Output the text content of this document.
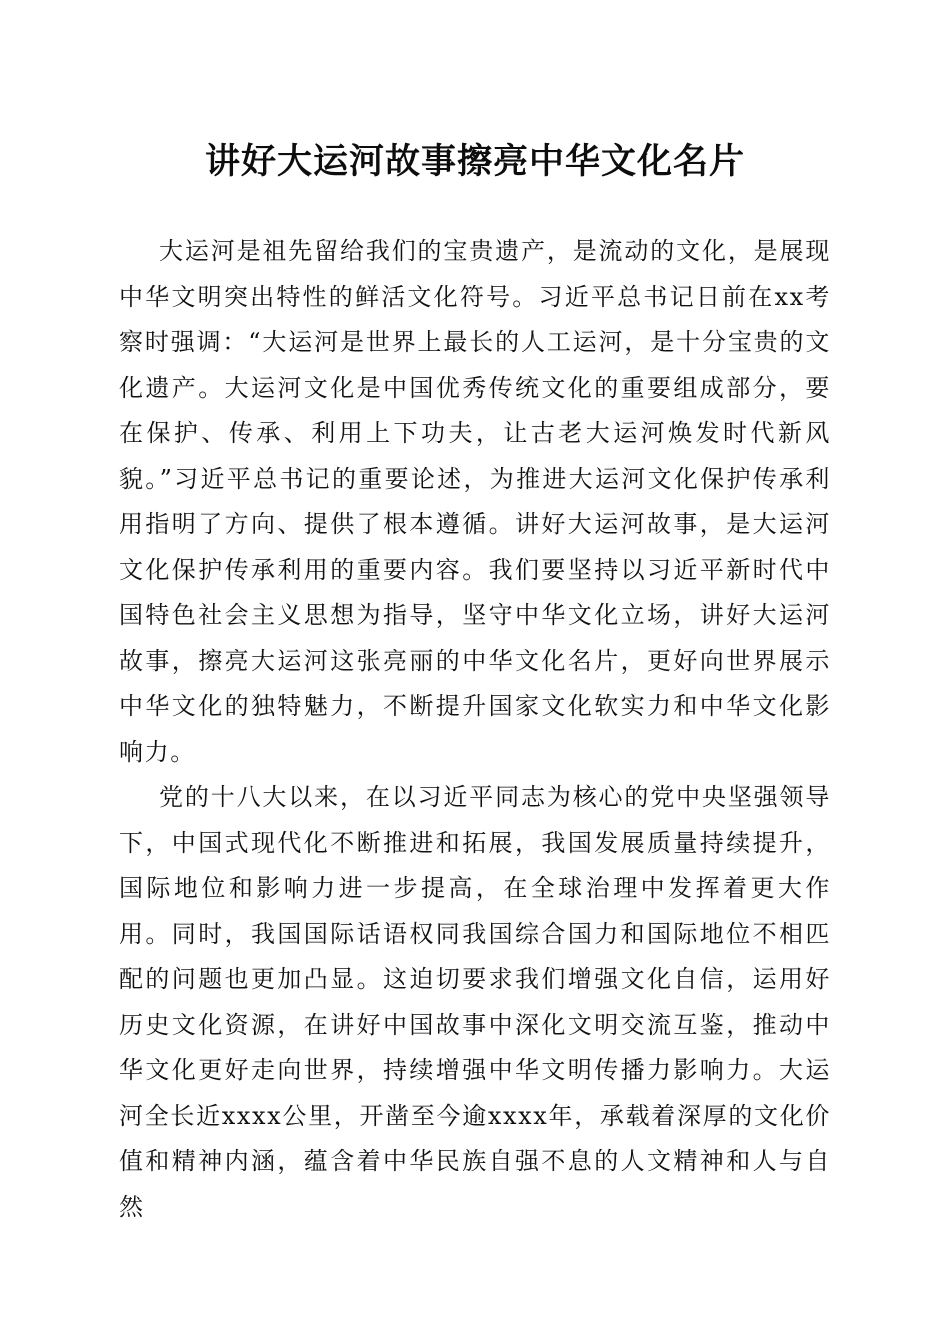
讲好大运河故事擦亮中华文化名片

大运河是祖先留给我们的宝贵遗产，是流动的文化，是展现中华文明突出特性的鲜活文化符号。习近平总书记日前在xx考察时强调：“大运河是世界上最长的人工运河，是十分宝贵的文化遗产。大运河文化是中国优秀传统文化的重要组成部分，要在保护、传承、利用上下功夫，让古老大运河焕发时代新风貌。”习近平总书记的重要论述，为推进大运河文化保护传承利用指明了方向、提供了根本遵循。讲好大运河故事，是大运河文化保护传承利用的重要内容。我们要坚持以习近平新时代中国特色社会主义思想为指导，坚守中华文化立场，讲好大运河故事，擦亮大运河这张亮丽的中华文化名片，更好向世界展示中华文化的独特魅力，不断提升国家文化软实力和中华文化影响力。

党的十八大以来，在以习近平同志为核心的党中央坚强领导下，中国式现代化不断推进和拓展，我国发展质量持续提升，国际地位和影响力进一步提高，在全球治理中发挥着更大作用。同时，我国国际话语权同我国综合国力和国际地位不相匹配的问题也更加凸显。这迫切要求我们增强文化自信，运用好历史文化资源，在讲好中国故事中深化文明交流互鉴，推动中华文化更好走向世界，持续增强中华文明传播力影响力。大运河全长近xxxx公里，开凿至今逾xxxx年，承载着深厚的文化价值和精神内涵，蕴含着中华民族自强不息的人文精神和人与自然
